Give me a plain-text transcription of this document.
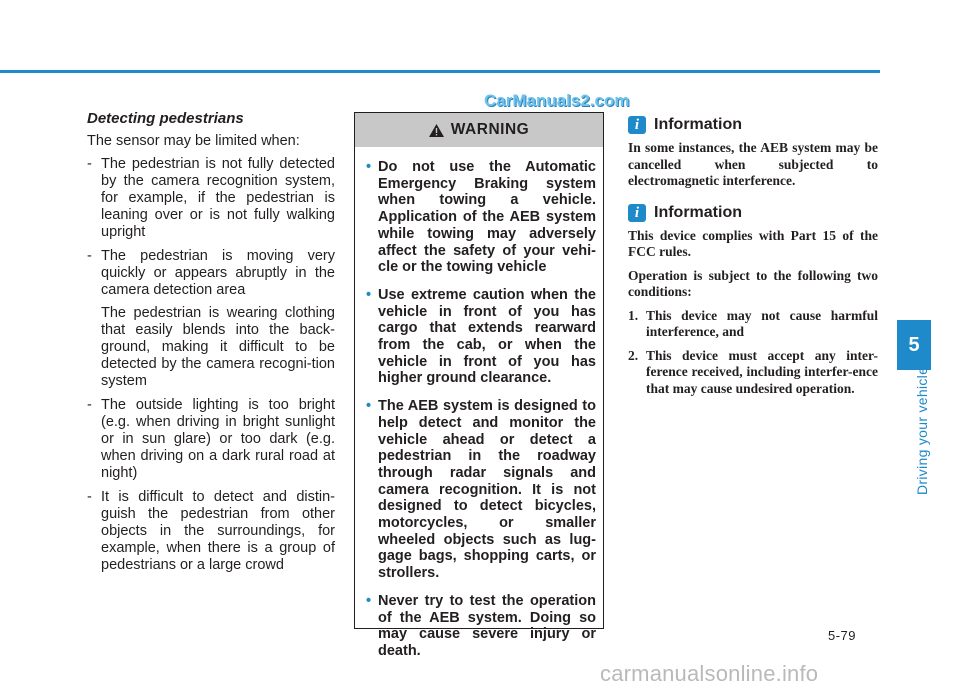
CarManuals2.com
Detecting pedestrians
The sensor may be limited when:
- The pedestrian is not fully detected by the camera recognition system, for example, if the pedestrian is leaning over or is not fully walking upright
- The pedestrian is moving very quickly or appears abruptly in the camera detection area
The pedestrian is wearing clothing that easily blends into the back-ground, making it difficult to be detected by the camera recogni-tion system
- The outside lighting is too bright (e.g. when driving in bright sunlight or in sun glare) or too dark (e.g. when driving on a dark rural road at night)
- It is difficult to detect and distin-guish the pedestrian from other objects in the surroundings, for example, when there is a group of pedestrians or a large crowd
WARNING
• Do not use the Automatic Emergency Braking system when towing a vehicle. Application of the AEB system while towing may adversely affect the safety of your vehi-cle or the towing vehicle
• Use extreme caution when the vehicle in front of you has cargo that extends rearward from the cab, or when the vehicle in front of you has higher ground clearance.
• The AEB system is designed to help detect and monitor the vehicle ahead or detect a pedestrian in the roadway through radar signals and camera recognition. It is not designed to detect bicycles, motorcycles, or smaller wheeled objects such as lug-gage bags, shopping carts, or strollers.
• Never try to test the operation of the AEB system. Doing so may cause severe injury or death.
i Information

In some instances, the AEB system may be cancelled when subjected to electromagnetic interference.

i Information

This device complies with Part 15 of the FCC rules.

Operation is subject to the following two conditions:

1. This device may not cause harmful interference, and
2. This device must accept any inter-ference received, including interfer-ence that may cause undesired operation.
5
Driving your vehicle
5-79
carmanualsonline.info
